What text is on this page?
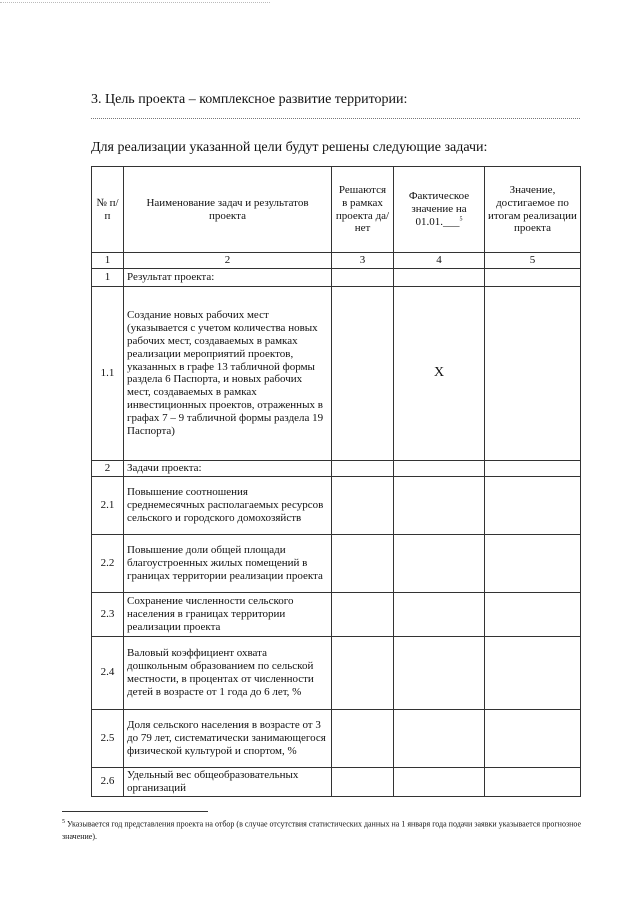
3. Цель проекта – комплексное развитие территории:
Для реализации указанной цели будут решены следующие задачи:
№ п/п	Наименование задач и результатов проекта	Решаются в рамках проекта да/нет	Фактическое значение на 01.01.___$^5$	Значение, достигаемое по итогам реализации проекта
1	2	3	4	5
1	Результат проекта:			
1.1	Создание новых рабочих мест (указывается с учетом количества новых рабочих мест, создаваемых в рамках реализации мероприятий проектов, указанных в графе 13 табличной формы раздела 6 Паспорта, и новых рабочих мест, создаваемых в рамках инвестиционных проектов, отраженных в графах 7 – 9 табличной формы раздела 19 Паспорта)		X	
2	Задачи проекта:			
2.1	Повышение соотношения среднемесячных располагаемых ресурсов сельского и городского домохозяйств			
2.2	Повышение доли общей площади благоустроенных жилых помещений в границах территории реализации проекта			
2.3	Сохранение численности сельского населения в границах территории реализации проекта			
2.4	Валовый коэффициент охвата дошкольным образованием по сельской местности, в процентах от численности детей в возрасте от 1 года до 6 лет, %			
2.5	Доля сельского населения в возрасте от 3 до 79 лет, систематически занимающегося физической культурой и спортом, %			
2.6	Удельный вес общеобразовательных организаций			
$^5$ Указывается год представления проекта на отбор (в случае отсутствия статистических данных на 1 января года подачи заявки указывается прогнозное значение).
